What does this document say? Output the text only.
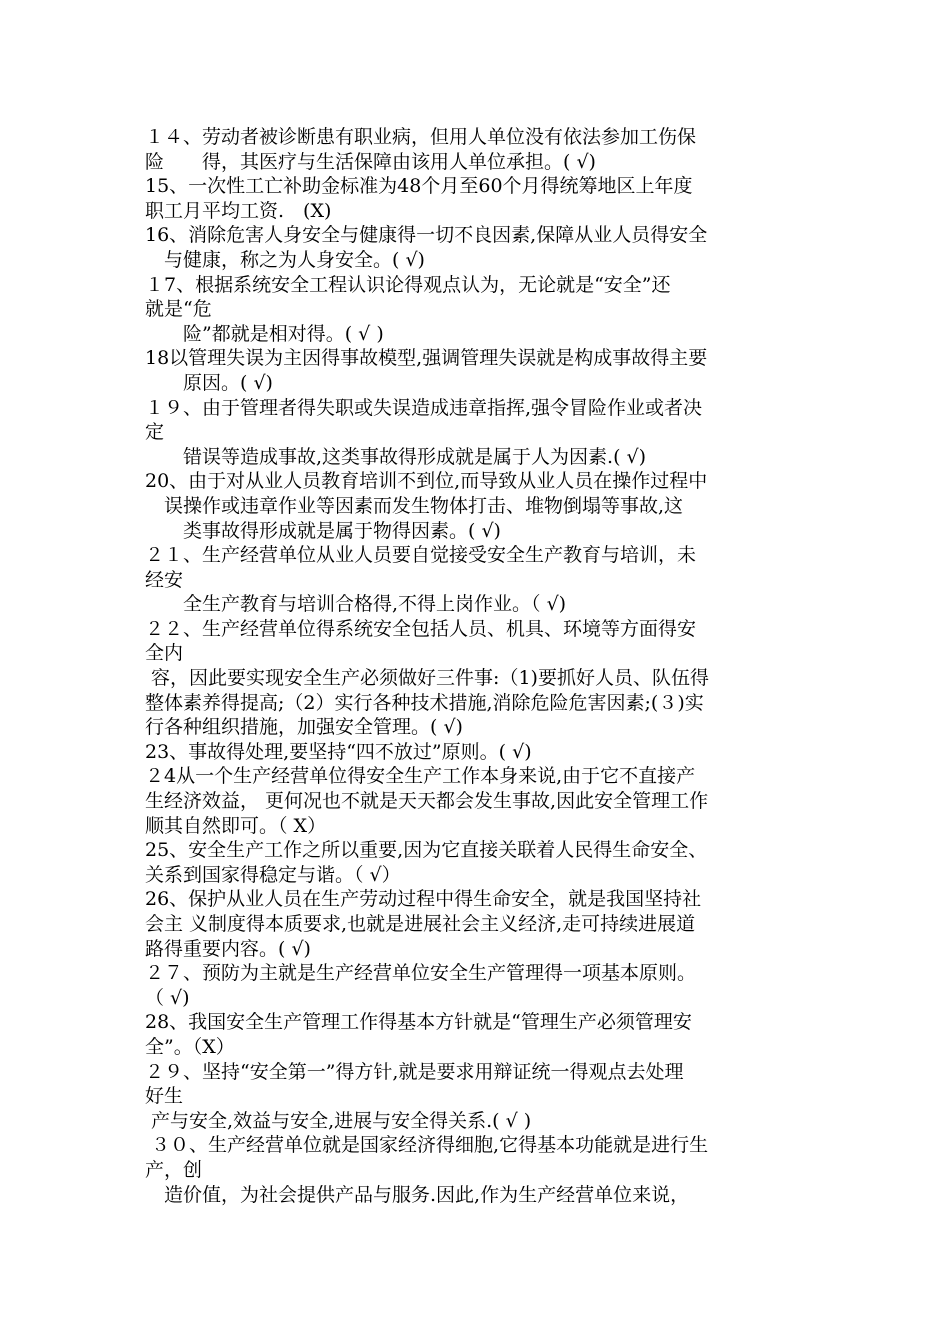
１４、劳动者被诊断患有职业病，但用人单位没有依法参加工伤保
险　　得，其医疗与生活保障由该用人单位承担。( √)
15、一次性工亡补助金标准为48个月至60个月得统筹地区上年度
职工月平均工资.　(X)
16、消除危害人身安全与健康得一切不良因素,保障从业人员得安全
　与健康，称之为人身安全。( √)
１7、根据系统安全工程认识论得观点认为，无论就是“安全”还
就是“危
　　险”都就是相对得。( √ )
18以管理失误为主因得事故模型,强调管理失误就是构成事故得主要
　　原因。( √)
１９、由于管理者得失职或失误造成违章指挥,强令冒险作业或者决
定
　　错误等造成事故,这类事故得形成就是属于人为因素.( √)
20、由于对从业人员教育培训不到位,而导致从业人员在操作过程中
　误操作或违章作业等因素而发生物体打击、堆物倒塌等事故,这
　　类事故得形成就是属于物得因素。( √)
２１、生产经营单位从业人员要自觉接受安全生产教育与培训，未
经安
　　全生产教育与培训合格得,不得上岗作业。（ √)
２２、生产经营单位得系统安全包括人员、机具、环境等方面得安
全内
容，因此要实现安全生产必须做好三件事:（1)要抓好人员、队伍得
整体素养得提高;（2）实行各种技术措施,消除危险危害因素;(３)实
行各种组织措施，加强安全管理。( √)
23、事故得处理,要坚持“四不放过”原则。( √)
２4从一个生产经营单位得安全生产工作本身来说,由于它不直接产
生经济效益， 更何况也不就是天天都会发生事故,因此安全管理工作
顺其自然即可。（ X）
25、安全生产工作之所以重要,因为它直接关联着人民得生命安全、
关系到国家得稳定与谐。（ √）
26、保护从业人员在生产劳动过程中得生命安全，就是我国坚持社
会主 义制度得本质要求,也就是进展社会主义经济,走可持续进展道
路得重要内容。( √)
２７、预防为主就是生产经营单位安全生产管理得一项基本原则。
（ √)
28、我国安全生产管理工作得基本方针就是“管理生产必须管理安
全”。（X）
２９、坚持“安全第一”得方针,就是要求用辩证统一得观点去处理
好生
产与安全,效益与安全,进展与安全得关系.( √ )
３０、生产经营单位就是国家经济得细胞,它得基本功能就是进行生
产，创
　造价值，为社会提供产品与服务.因此,作为生产经营单位来说，
